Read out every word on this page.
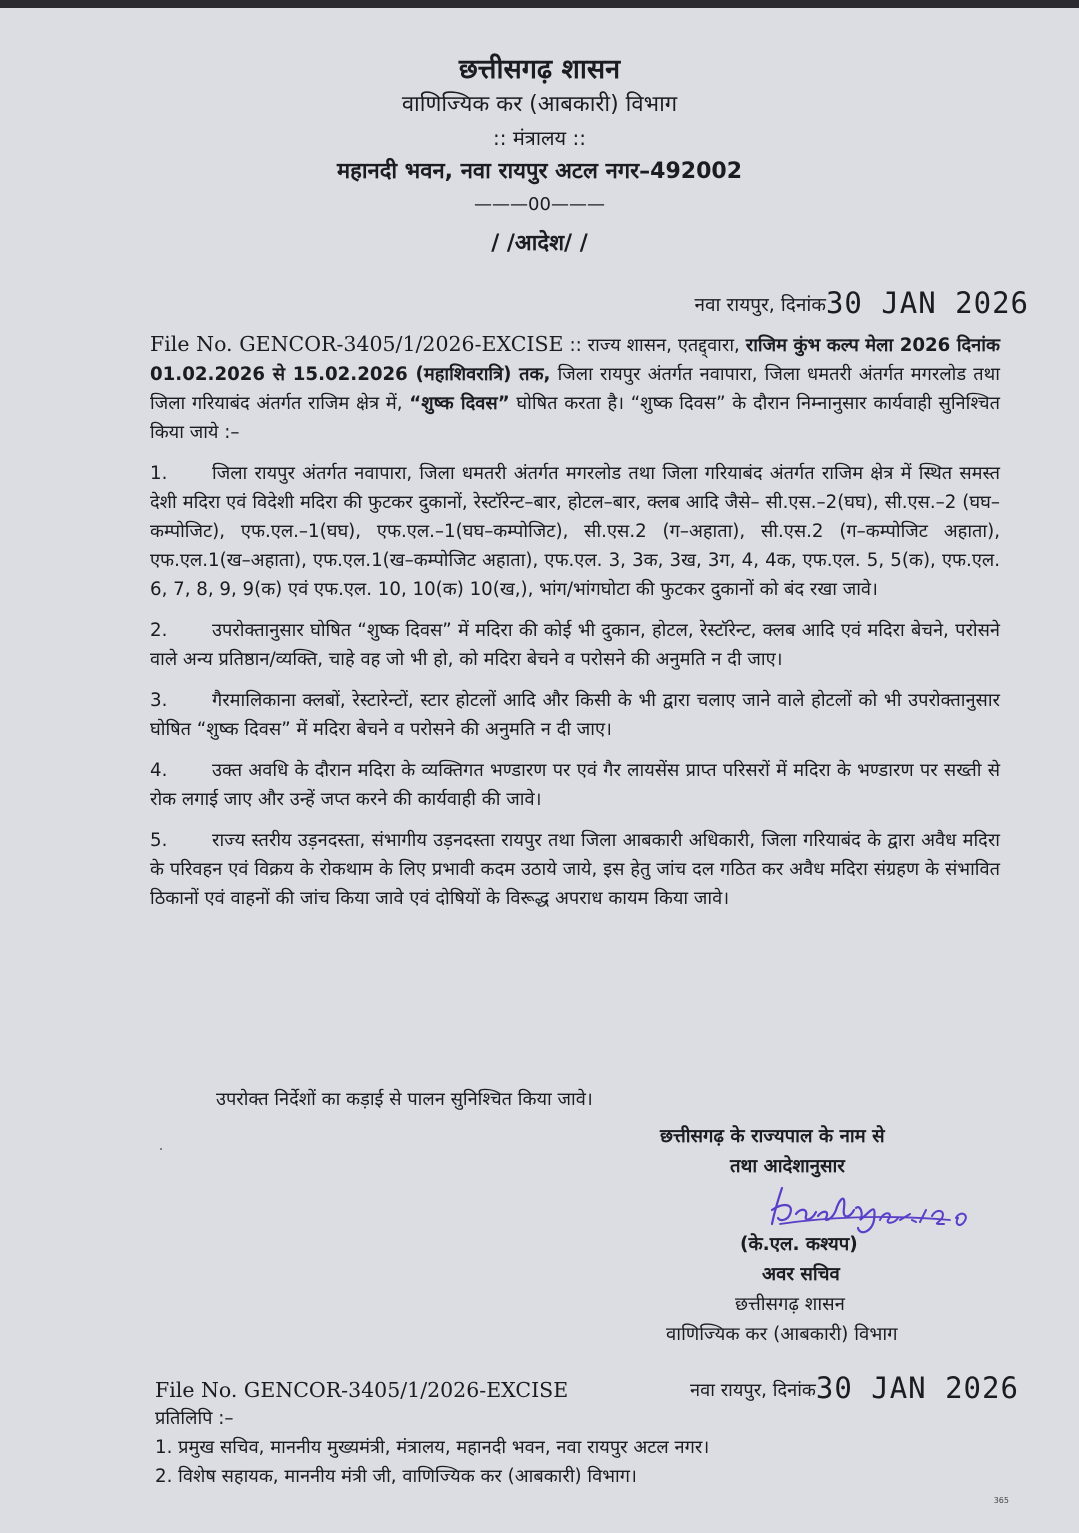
छत्तीसगढ़ शासन
वाणिज्यिक कर (आबकारी) विभाग
:: मंत्रालय ::
महानदी भवन, नवा रायपुर अटल नगर–492002
———00———
/ /आदेश/ /
नवा रायपुर, दिनांक30 JAN 2026

File No. GENCOR-3405/1/2026-EXCISE :: राज्य शासन, एतद्द्वारा, राजिम कुंभ कल्प मेला 2026 दिनांक 01.02.2026 से 15.02.2026 (महाशिवरात्रि) तक, जिला रायपुर अंतर्गत नवापारा, जिला धमतरी अंतर्गत मगरलोड तथा जिला गरियाबंद अंतर्गत राजिम क्षेत्र में, “शुष्क दिवस” घोषित करता है। “शुष्क दिवस” के दौरान निम्नानुसार कार्यवाही सुनिश्चित किया जाये :–

1. जिला रायपुर अंतर्गत नवापारा, जिला धमतरी अंतर्गत मगरलोड तथा जिला गरियाबंद अंतर्गत राजिम क्षेत्र में स्थित समस्त देशी मदिरा एवं विदेशी मदिरा की फुटकर दुकानों, रेस्टॉरेन्ट–बार, होटल–बार, क्लब आदि जैसे– सी.एस.–2(घघ), सी.एस.–2 (घघ–कम्पोजिट), एफ.एल.–1(घघ), एफ.एल.–1(घघ–कम्पोजिट), सी.एस.2 (ग–अहाता), सी.एस.2 (ग–कम्पोजिट अहाता), एफ.एल.1(ख–अहाता), एफ.एल.1(ख–कम्पोजिट अहाता), एफ.एल. 3, 3क, 3ख, 3ग, 4, 4क, एफ.एल. 5, 5(क), एफ.एल. 6, 7, 8, 9, 9(क) एवं एफ.एल. 10, 10(क) 10(ख,), भांग/भांगघोटा की फुटकर दुकानों को बंद रखा जावे।

2. उपरोक्तानुसार घोषित “शुष्क दिवस” में मदिरा की कोई भी दुकान, होटल, रेस्टॉरेन्ट, क्लब आदि एवं मदिरा बेचने, परोसने वाले अन्य प्रतिष्ठान/व्यक्ति, चाहे वह जो भी हो, को मदिरा बेचने व परोसने की अनुमति न दी जाए।

3. गैरमालिकाना क्लबों, रेस्टारेन्टों, स्टार होटलों आदि और किसी के भी द्वारा चलाए जाने वाले होटलों को भी उपरोक्तानुसार घोषित “शुष्क दिवस” में मदिरा बेचने व परोसने की अनुमति न दी जाए।

4. उक्त अवधि के दौरान मदिरा के व्यक्तिगत भण्डारण पर एवं गैर लायसेंस प्राप्त परिसरों में मदिरा के भण्डारण पर सख्ती से रोक लगाई जाए और उन्हें जप्त करने की कार्यवाही की जावे।

5. राज्य स्तरीय उड़नदस्ता, संभागीय उड़नदस्ता रायपुर तथा जिला आबकारी अधिकारी, जिला गरियाबंद के द्वारा अवैध मदिरा के परिवहन एवं विक्रय के रोकथाम के लिए प्रभावी कदम उठाये जाये, इस हेतु जांच दल गठित कर अवैध मदिरा संग्रहण के संभावित ठिकानों एवं वाहनों की जांच किया जावे एवं दोषियों के विरूद्ध अपराध कायम किया जावे।

उपरोक्त निर्देशों का कड़ाई से पालन सुनिश्चित किया जावे।
छत्तीसगढ़ के राज्यपाल के नाम से
तथा आदेशानुसार
(के.एल. कश्यप)
अवर सचिव
छत्तीसगढ़ शासन
वाणिज्यिक कर (आबकारी) विभाग
File No. GENCOR-3405/1/2026-EXCISE	नवा रायपुर, दिनांक30 JAN 2026
प्रतिलिपि :–
1. प्रमुख सचिव, माननीय मुख्यमंत्री, मंत्रालय, महानदी भवन, नवा रायपुर अटल नगर।
2. विशेष सहायक, माननीय मंत्री जी, वाणिज्यिक कर (आबकारी) विभाग।
365
